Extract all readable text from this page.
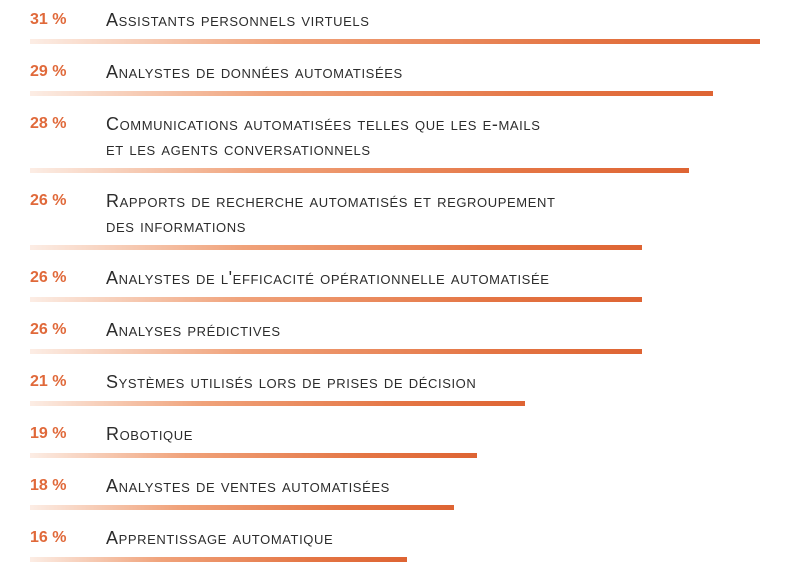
31 % Assistants personnels virtuels
29 % Analystes de données automatisées
28 % Communications automatisées telles que les e-mails
et les agents conversationnels
26 % Rapports de recherche automatisés et regroupement
des informations
26 % Analystes de l'efficacité opérationnelle automatisée
26 % Analyses prédictives
21 % Systèmes utilisés lors de prises de décision
19 % Robotique
18 % Analystes de ventes automatisées
16 % Apprentissage automatique
